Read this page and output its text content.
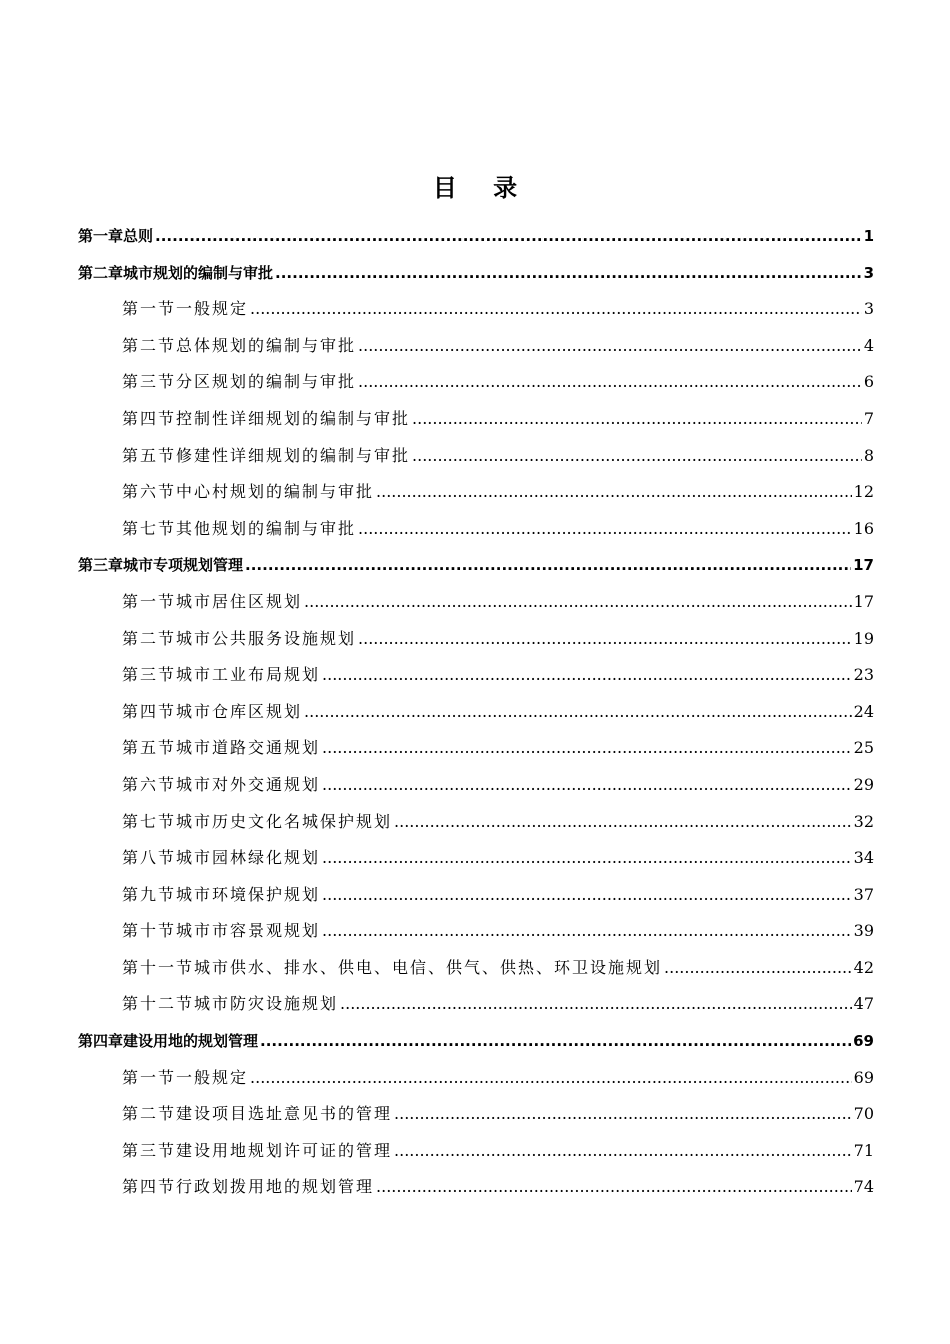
目 录
第一章 总则 .....	1
第二章 城市规划的编制与审批 .....	3
第一节 一般规定 .....	3
第二节 总体规划的编制与审批 .....	4
第三节 分区规划的编制与审批 .....	6
第四节 控制性详细规划的编制与审批 .....	7
第五节 修建性详细规划的编制与审批 .....	8
第六节 中心村规划的编制与审批 .....	12
第七节 其他规划的编制与审批 .....	16
第三章 城市专项规划管理 .....	17
第一节 城市居住区规划 .....	17
第二节 城市公共服务设施规划 .....	19
第三节 城市工业布局规划 .....	23
第四节 城市仓库区规划 .....	24
第五节 城市道路交通规划 .....	25
第六节 城市对外交通规划 .....	29
第七节 城市历史文化名城保护规划 .....	32
第八节 城市园林绿化规划 .....	34
第九节 城市环境保护规划 .....	37
第十节 城市市容景观规划 .....	39
第十一节 城市供水、排水、供电、电信、供气、供热、环卫设施规划 .....	42
第十二节 城市防灾设施规划 .....	47
第四章 建设用地的规划管理 .....	69
第一节 一般规定 .....	69
第二节 建设项目选址意见书的管理 .....	70
第三节 建设用地规划许可证的管理 .....	71
第四节 行政划拨用地的规划管理 .....	74
